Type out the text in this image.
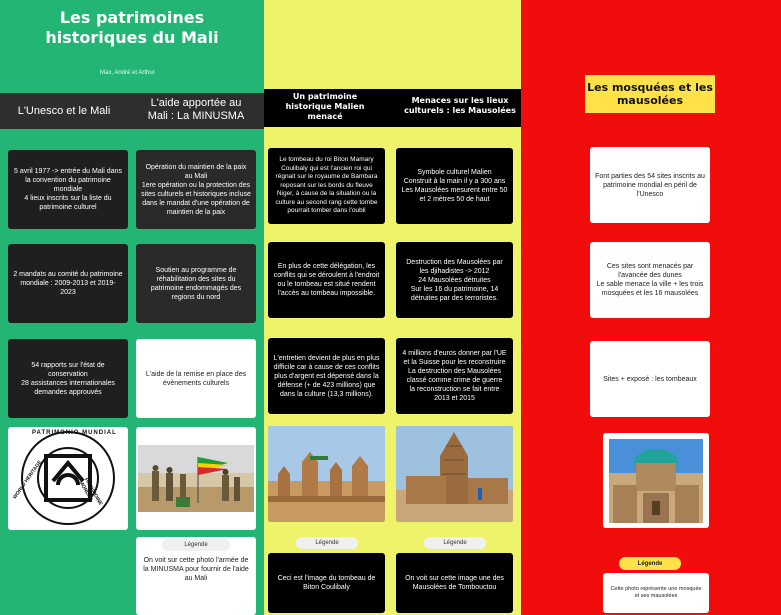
Les patrimoines
historiques du Mali
Max, André et Arthur
L'Unesco et le Mali
L'aide apportée au Mali : La MINUSMA
5 avril 1977 -> entrée du Mali dans la convention du patrimoine mondiale
4 lieux inscrits sur la liste du patrimoine culturel
2 mandats au comité du patrimoine mondiale : 2009-2013 et 2019-2023
54 rapports sur l'état de conservation
28 assistances internationales demandes approuvés
Opération du maintien de la paix au Mali
1ere opération ou la protection des sites culturels et historiques incluse dans le mandat d'une opération de maintien de la paix
Soutien au programme de réhabilitation des sites du patrimoine endommagés des regions du nord
L'aide de la remise en place des évènements culturels
PATRIMONIO MUNDIAL
WORLD HERITAGE	PATRIMOINE MONDIAL
Légende
On voit sur cette photo l'armée de la MINUSMA pour fournir de l'aide au Mali
Un patrimoine historique Malien menacé
Menaces sur les lieux culturels : les Mausolées
Le tombeau du roi Biton Mamary Coulibaly qui est l'ancien roi qui régnait sur le royaume de Bambara reposant sur les bords du fleuve Niger, à cause de la situation ou la culture au second rang cette tombe pourrait tomber dans l'oubli
En plus de cette délégation, les conflits qui se déroulent à l'endroit ou le tombeau est situé rendent l'accès au tombeau impossible.
L'entretien devient de plus en plus difficile car à cause de ces conflits plus d'argent est dépensé dans la défense (+ de 423 millions) que dans la culture (13,3 millions).
Symbole culturel Malien
Construit à la main il y a 300 ans
Les Mausolées mesurent entre 50 et 2 mètres 50 de haut
Destruction des Mausolées par les djihadistes -> 2012
24 Mausolées détruites
Sur les 16 du patrimoine, 14 détruites par des terroristes.
4 millions d'euros donner par l'UE et la Suisse pour les reconstruire
La destruction des Mausolées classé comme crime de guerre
la reconstruction se fait entre 2013 et 2015
Légende
Ceci est l'image du tombeau de Biton Coulibaly
Légende
On voit sur cette image une des Mausolées de Tombouctou
Les mosquées et les mausolées
Font parties des 54 sites inscrits au patrimoine mondial en péril de l'Unesco
Ces sites sont menacés par l'avancée des dunes
Le sable menace la ville + les trois mosquées et les 16 mausolées
Sites + exposé : les tombeaux
Légende
Cette photo représente une mosquée et ses mausolées
